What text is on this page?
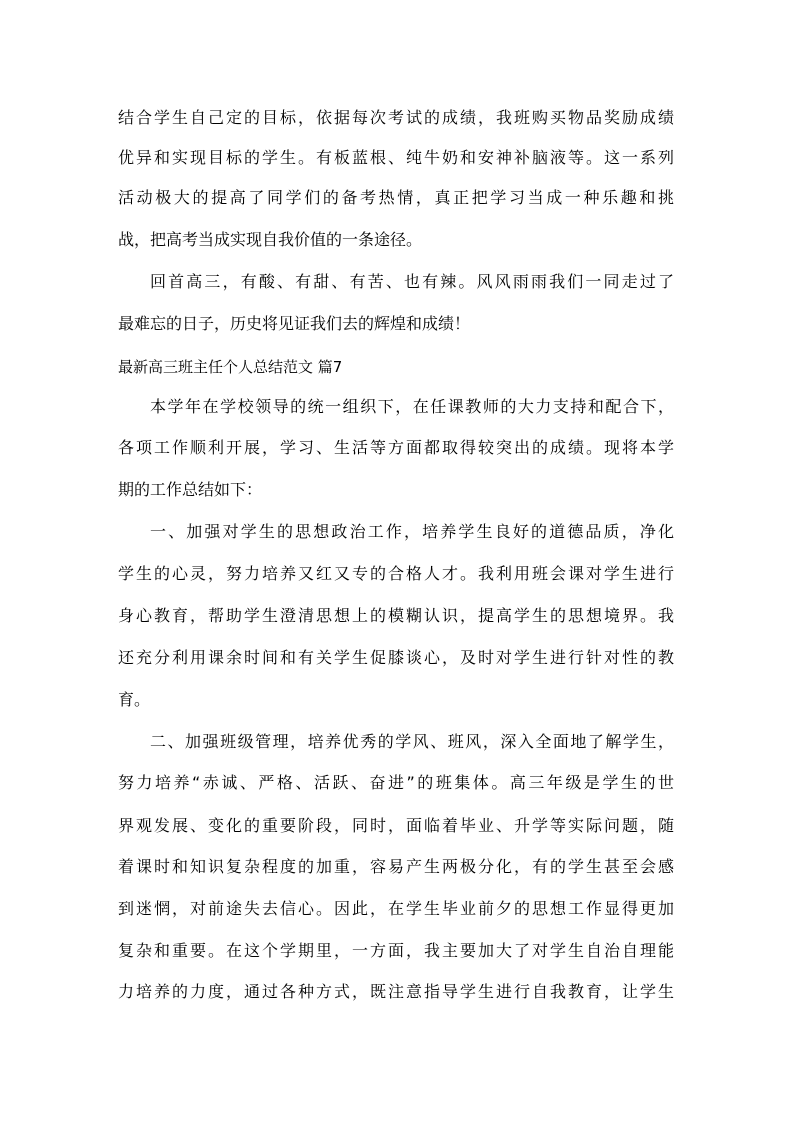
结合学生自己定的目标，依据每次考试的成绩，我班购买物品奖励成绩
优异和实现目标的学生。有板蓝根、纯牛奶和安神补脑液等。这一系列
活动极大的提高了同学们的备考热情，真正把学习当成一种乐趣和挑
战，把高考当成实现自我价值的一条途径。
回首高三，有酸、有甜、有苦、也有辣。风风雨雨我们一同走过了
最难忘的日子，历史将见证我们去的辉煌和成绩！
最新高三班主任个人总结范文 篇7
本学年在学校领导的统一组织下，在任课教师的大力支持和配合下，
各项工作顺利开展，学习、生活等方面都取得较突出的成绩。现将本学
期的工作总结如下：
一、加强对学生的思想政治工作，培养学生良好的道德品质，净化
学生的心灵，努力培养又红又专的合格人才。我利用班会课对学生进行
身心教育，帮助学生澄清思想上的模糊认识，提高学生的思想境界。我
还充分利用课余时间和有关学生促膝谈心，及时对学生进行针对性的教
育。
二、加强班级管理，培养优秀的学风、班风，深入全面地了解学生，
努力培养“赤诚、严格、活跃、奋进”的班集体。高三年级是学生的世
界观发展、变化的重要阶段，同时，面临着毕业、升学等实际问题，随
着课时和知识复杂程度的加重，容易产生两极分化，有的学生甚至会感
到迷惘，对前途失去信心。因此，在学生毕业前夕的思想工作显得更加
复杂和重要。在这个学期里，一方面，我主要加大了对学生自治自理能
力培养的力度，通过各种方式，既注意指导学生进行自我教育，让学生
